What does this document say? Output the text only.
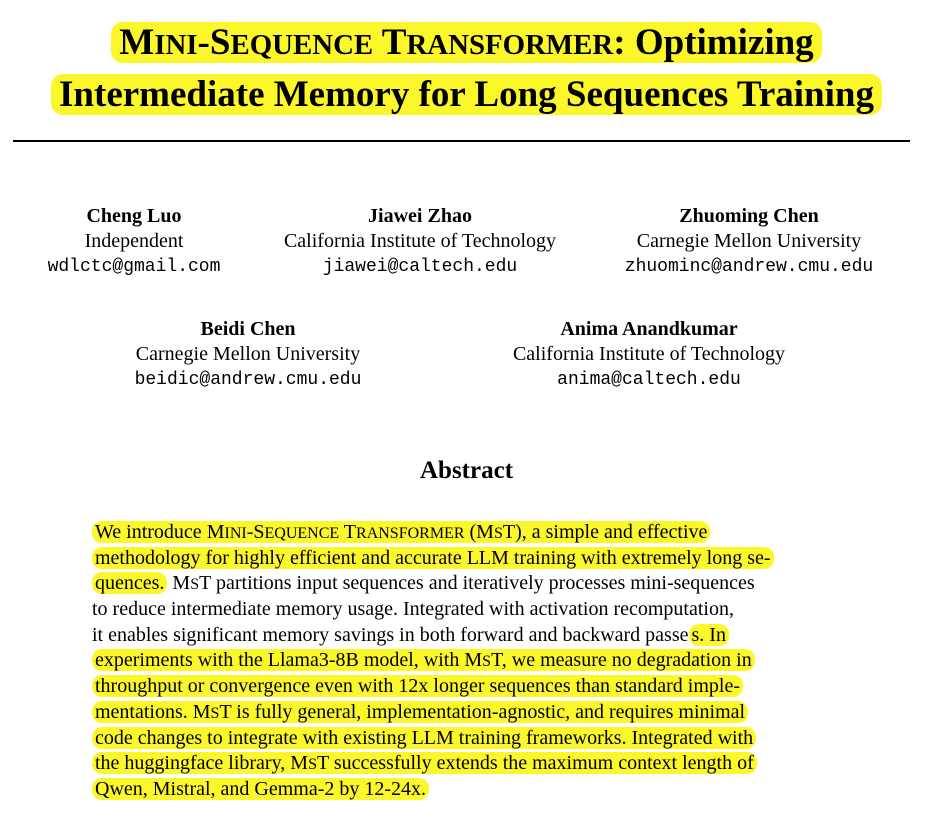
MINI-SEQUENCE TRANSFORMER: Optimizing
Intermediate Memory for Long Sequences Training
Cheng Luo
Independent
wdlctc@gmail.com
Jiawei Zhao
California Institute of Technology
jiawei@caltech.edu
Zhuoming Chen
Carnegie Mellon University
zhuominc@andrew.cmu.edu
Beidi Chen
Carnegie Mellon University
beidic@andrew.cmu.edu
Anima Anandkumar
California Institute of Technology
anima@caltech.edu
Abstract
We introduce MINI-SEQUENCE TRANSFORMER (MST), a simple and effective
methodology for highly efficient and accurate LLM training with extremely long se-
quences. MST partitions input sequences and iteratively processes mini-sequences
to reduce intermediate memory usage. Integrated with activation recomputation,
it enables significant memory savings in both forward and backward passe s. In
experiments with the Llama3-8B model, with MST, we measure no degradation in
throughput or convergence even with 12x longer sequences than standard imple-
mentations. MST is fully general, implementation-agnostic, and requires minimal
code changes to integrate with existing LLM training frameworks. Integrated with
the huggingface library, MST successfully extends the maximum context length of
Qwen, Mistral, and Gemma-2 by 12-24x.
